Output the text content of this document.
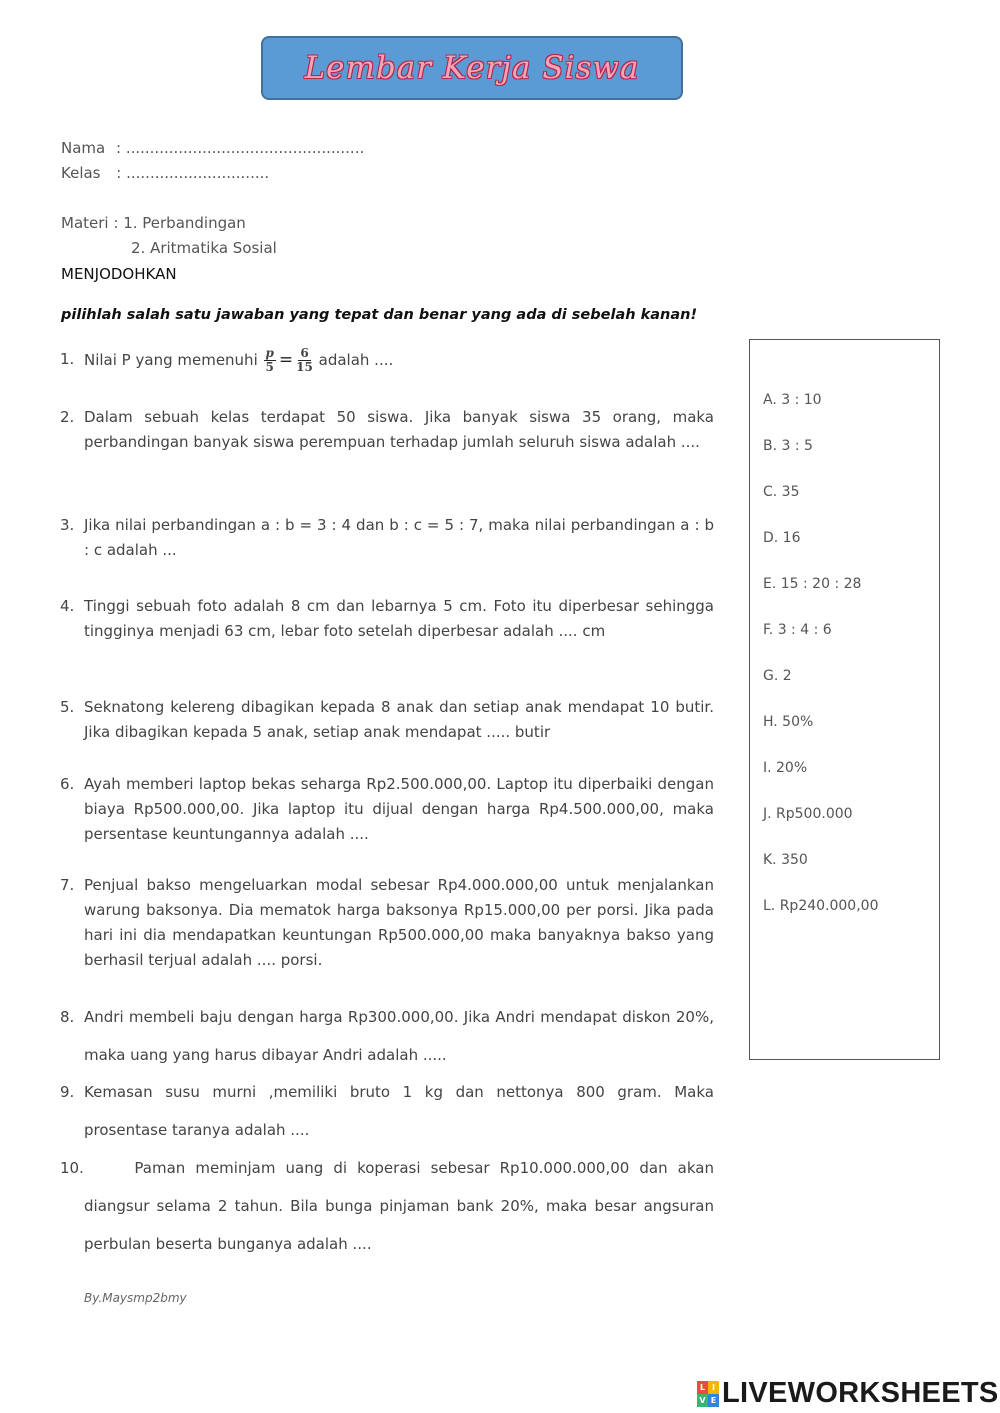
Lembar Kerja Siswa
Nama : ..................................................
Kelas : ..............................
Materi : 1. Perbandingan
2. Aritmatika Sosial
MENJODOHKAN
pilihlah salah satu jawaban yang tepat dan benar yang ada di sebelah kanan!
1. Nilai P yang memenuhi $\frac{p}{5} = \frac{6}{15}$ adalah ....
2. Dalam sebuah kelas terdapat 50 siswa. Jika banyak siswa 35 orang, maka perbandingan banyak siswa perempuan terhadap jumlah seluruh siswa adalah ....
3. Jika nilai perbandingan a : b = 3 : 4 dan b : c = 5 : 7, maka nilai perbandingan a : b : c adalah ...
4. Tinggi sebuah foto adalah 8 cm dan lebarnya 5 cm. Foto itu diperbesar sehingga tingginya menjadi 63 cm, lebar foto setelah diperbesar adalah .... cm
5. Seknatong kelereng dibagikan kepada 8 anak dan setiap anak mendapat 10 butir. Jika dibagikan kepada 5 anak, setiap anak mendapat ..... butir
6. Ayah memberi laptop bekas seharga Rp2.500.000,00. Laptop itu diperbaiki dengan biaya Rp500.000,00. Jika laptop itu dijual dengan harga Rp4.500.000,00, maka persentase keuntungannya adalah ....
7. Penjual bakso mengeluarkan modal sebesar Rp4.000.000,00 untuk menjalankan warung baksonya. Dia mematok harga baksonya Rp15.000,00 per porsi. Jika pada hari ini dia mendapatkan keuntungan Rp500.000,00 maka banyaknya bakso yang berhasil terjual adalah .... porsi.
8. Andri membeli baju dengan harga Rp300.000,00. Jika Andri mendapat diskon 20%, maka uang yang harus dibayar Andri adalah .....
9. Kemasan susu murni ,memiliki bruto 1 kg dan nettonya 800 gram. Maka prosentase taranya adalah ....
10. Paman meminjam uang di koperasi sebesar Rp10.000.000,00 dan akan diangsur selama 2 tahun. Bila bunga pinjaman bank 20%, maka besar angsuran perbulan beserta bunganya adalah ....
A. 3 : 10
B. 3 : 5
C. 35
D. 16
E. 15 : 20 : 28
F. 3 : 4 : 6
G. 2
H. 50%
I. 20%
J. Rp500.000
K. 350
L. Rp240.000,00
By.Maysmp2bmy
L I
V E LIVEWORKSHEETS
